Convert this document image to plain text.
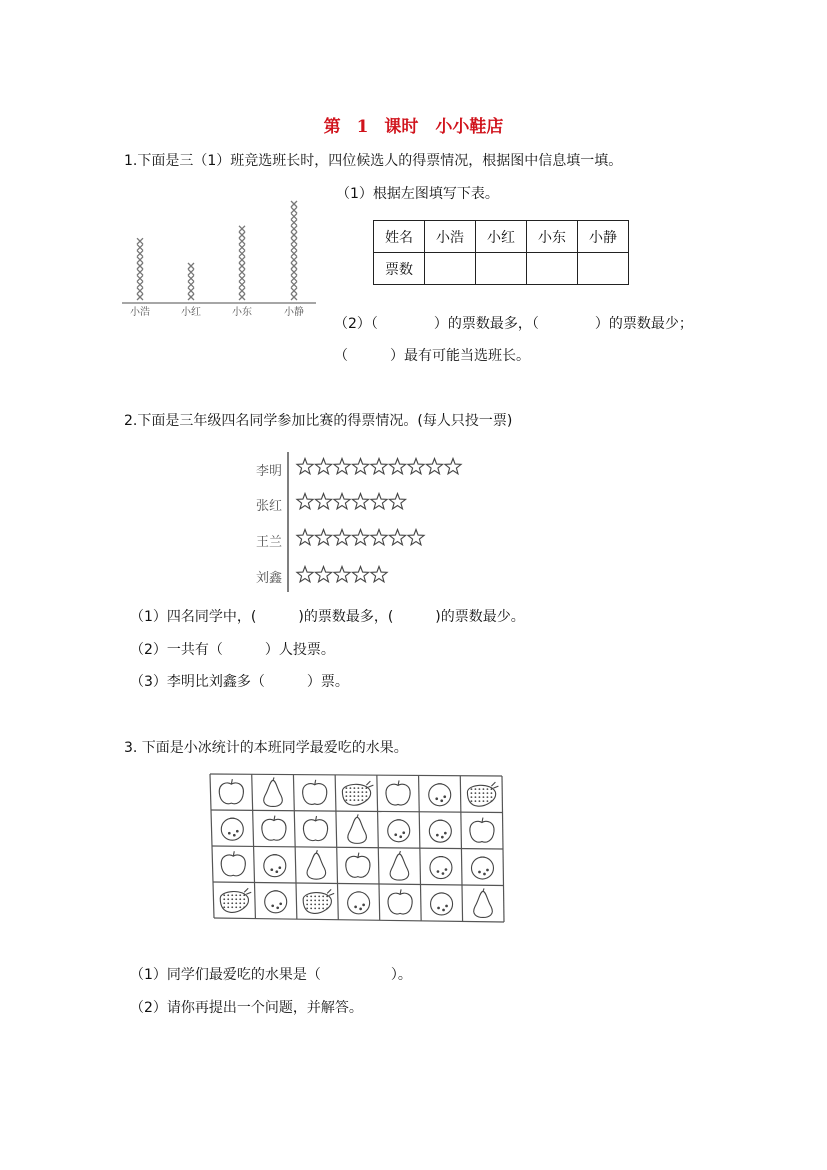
第 1 课时　小小鞋店
1.下面是三（1）班竞选班长时，四位候选人的得票情况，根据图中信息填一填。
小浩	小红	小东	小静
（1）根据左图填写下表。
姓名	小浩	小红	小东	小静
票数				
（2）（　　　　）的票数最多，（　　　　）的票数最少；
（　　　）最有可能当选班长。
2.下面是三年级四名同学参加比赛的得票情况。(每人只投一票)
李明
张红
王兰
刘鑫
（1）四名同学中，(　　　)的票数最多，(　　　)的票数最少。
（2）一共有（　　　）人投票。
（3）李明比刘鑫多（　　　）票。
3. 下面是小冰统计的本班同学最爱吃的水果。
（1）同学们最爱吃的水果是（　　　　　）。
（2）请你再提出一个问题，并解答。
